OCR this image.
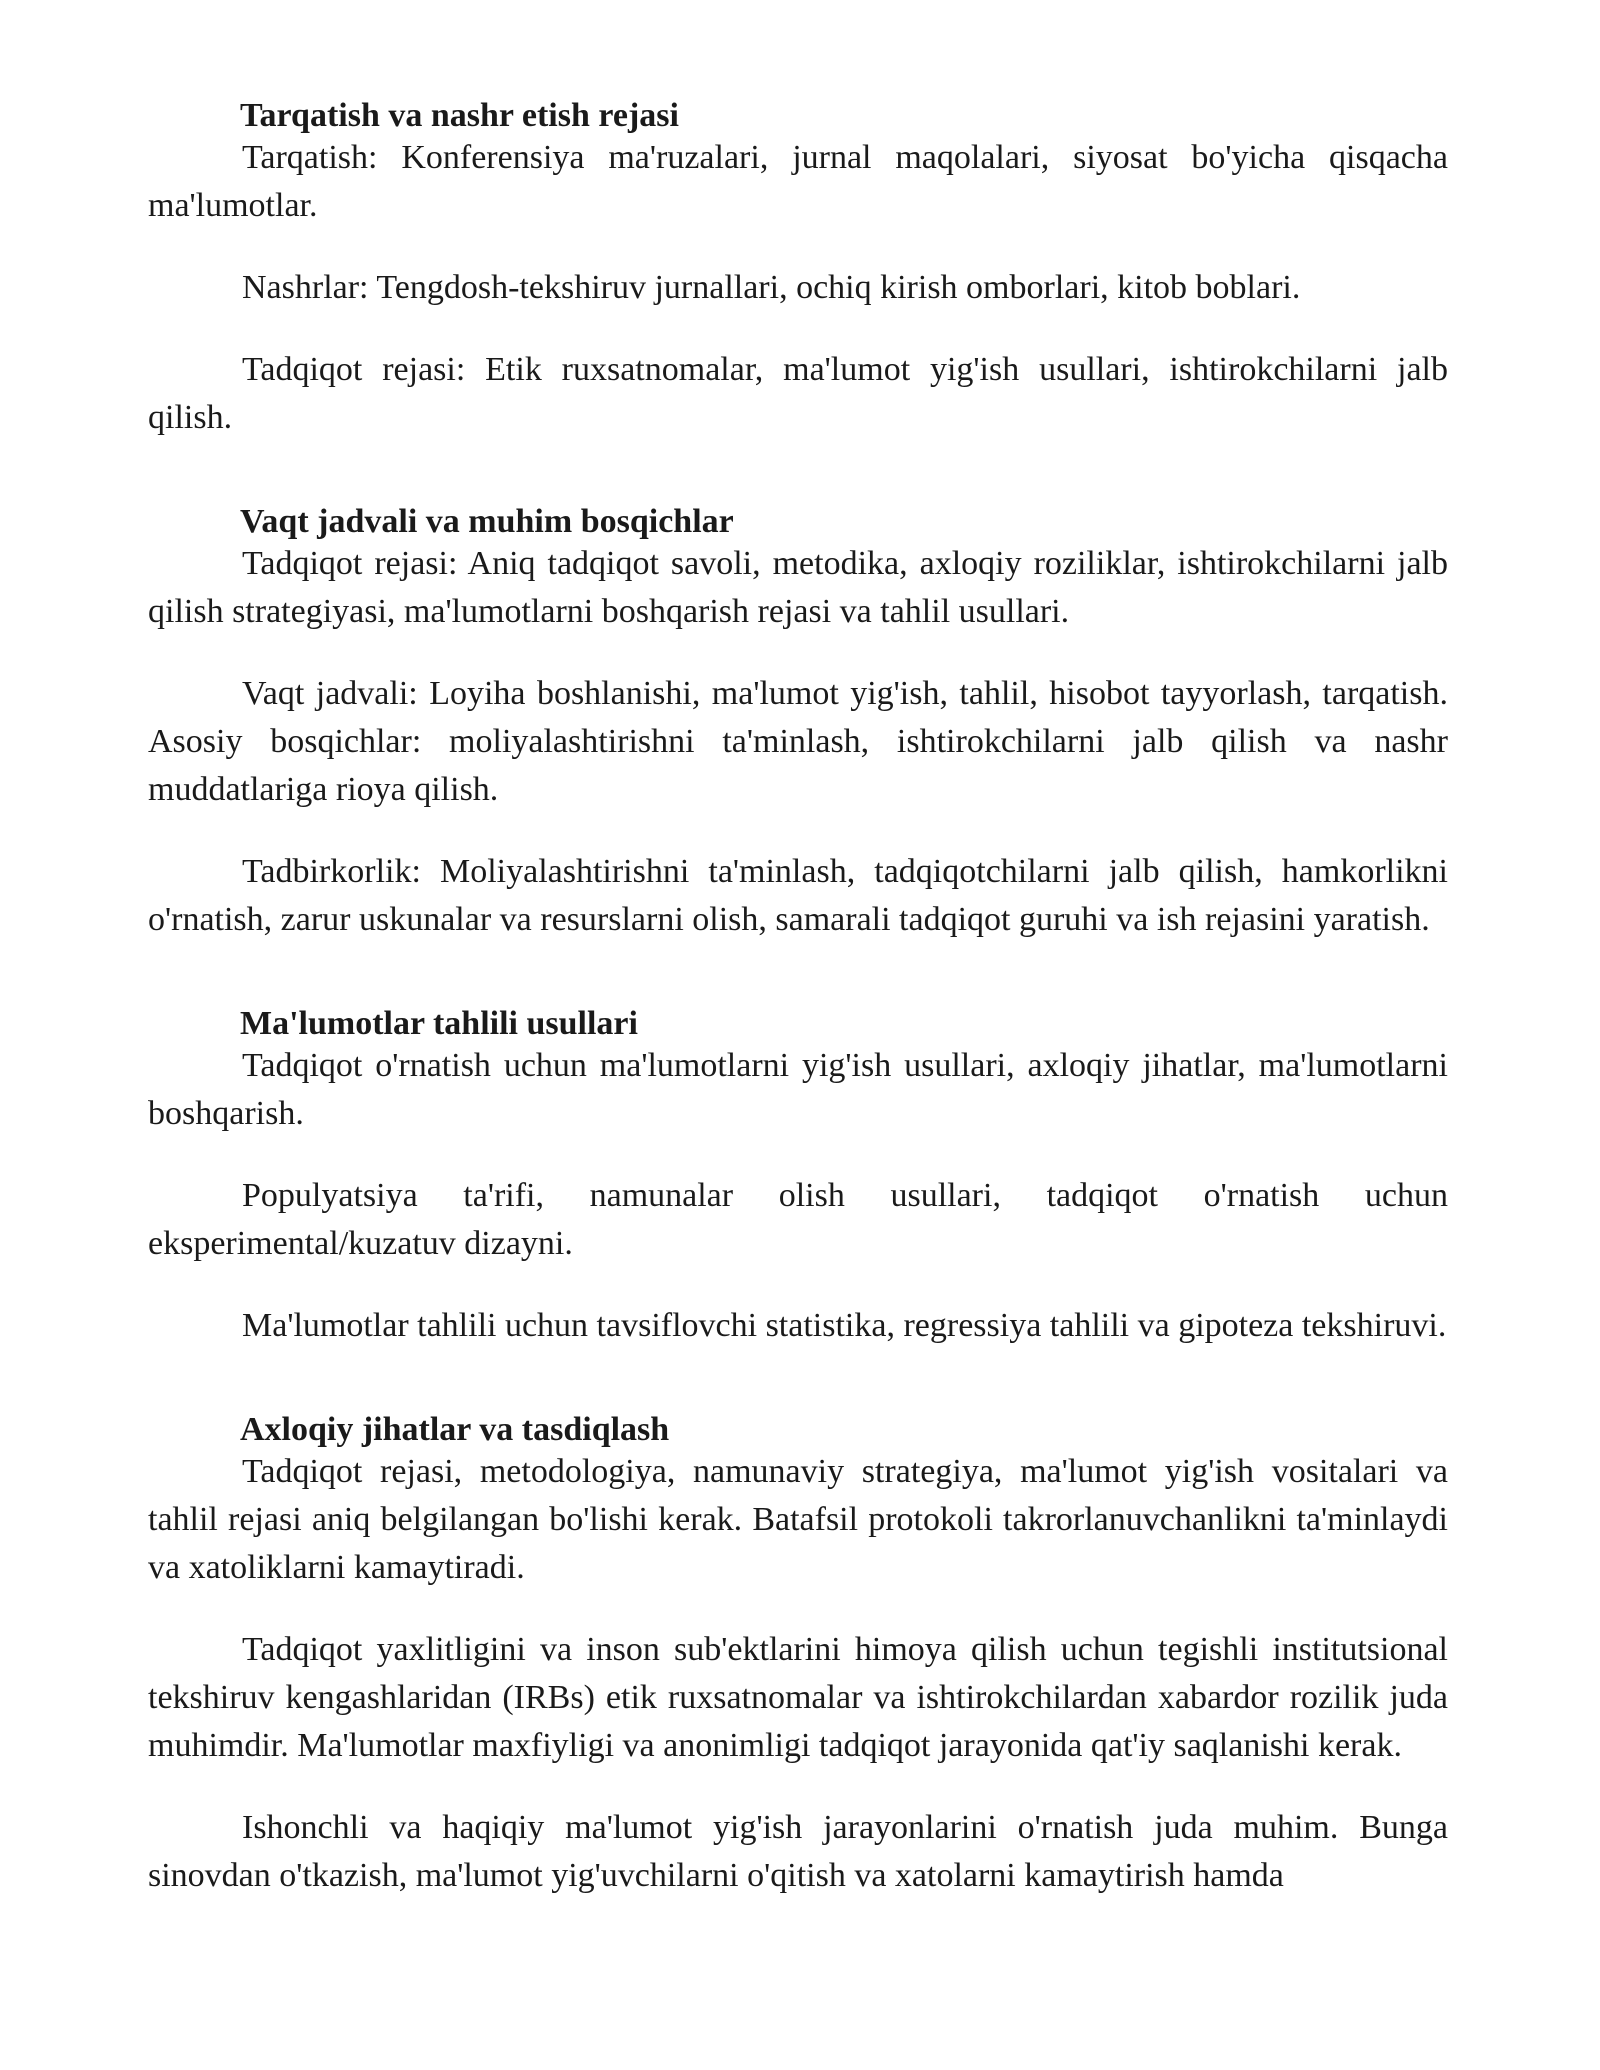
Tarqatish va nashr etish rejasi

Tarqatish: Konferensiya ma'ruzalari, jurnal maqolalari, siyosat bo'yicha qisqacha ma'lumotlar.

Nashrlar: Tengdosh-tekshiruv jurnallari, ochiq kirish omborlari, kitob boblari.

Tadqiqot rejasi: Etik ruxsatnomalar, ma'lumot yig'ish usullari, ishtirokchilarni jalb qilish.

Vaqt jadvali va muhim bosqichlar

Tadqiqot rejasi: Aniq tadqiqot savoli, metodika, axloqiy roziliklar, ishtirokchilarni jalb qilish strategiyasi, ma'lumotlarni boshqarish rejasi va tahlil usullari.

Vaqt jadvali: Loyiha boshlanishi, ma'lumot yig'ish, tahlil, hisobot tayyorlash, tarqatish. Asosiy bosqichlar: moliyalashtirishni ta'minlash, ishtirokchilarni jalb qilish va nashr muddatlariga rioya qilish.

Tadbirkorlik: Moliyalashtirishni ta'minlash, tadqiqotchilarni jalb qilish, hamkorlikni o'rnatish, zarur uskunalar va resurslarni olish, samarali tadqiqot guruhi va ish rejasini yaratish.

Ma'lumotlar tahlili usullari

Tadqiqot o'rnatish uchun ma'lumotlarni yig'ish usullari, axloqiy jihatlar, ma'lumotlarni boshqarish.

Populyatsiya ta'rifi, namunalar olish usullari, tadqiqot o'rnatish uchun eksperimental/kuzatuv dizayni.

Ma'lumotlar tahlili uchun tavsiflovchi statistika, regressiya tahlili va gipoteza tekshiruvi.

Axloqiy jihatlar va tasdiqlash

Tadqiqot rejasi, metodologiya, namunaviy strategiya, ma'lumot yig'ish vositalari va tahlil rejasi aniq belgilangan bo'lishi kerak. Batafsil protokoli takrorlanuvchanlikni ta'minlaydi va xatoliklarni kamaytiradi.

Tadqiqot yaxlitligini va inson sub'ektlarini himoya qilish uchun tegishli institutsional tekshiruv kengashlaridan (IRBs) etik ruxsatnomalar va ishtirokchilardan xabardor rozilik juda muhimdir. Ma'lumotlar maxfiyligi va anonimligi tadqiqot jarayonida qat'iy saqlanishi kerak.

Ishonchli va haqiqiy ma'lumot yig'ish jarayonlarini o'rnatish juda muhim. Bunga sinovdan o'tkazish, ma'lumot yig'uvchilarni o'qitish va xatolarni kamaytirish hamda
